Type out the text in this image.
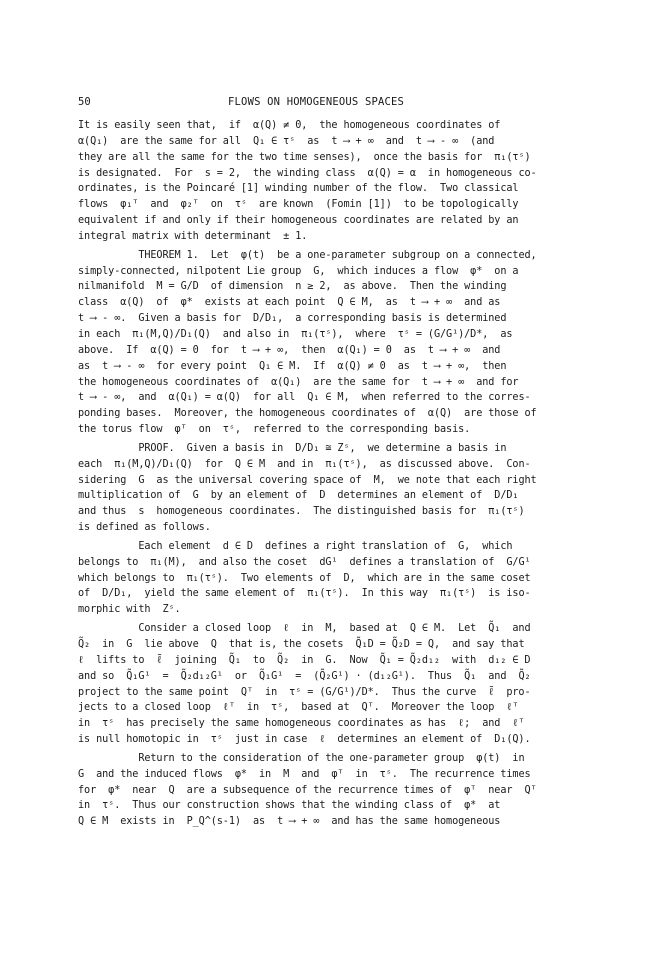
50	FLOWS ON HOMOGENEOUS SPACES
It is easily seen that,  if  α(Q) ≠ 0,  the homogeneous coordinates of
α(Q₁)  are the same for all  Q₁ ∈ τˢ  as  t ⟶ + ∞  and  t ⟶ - ∞  (and
they are all the same for the two time senses),  once the basis for  π₁(τˢ)
is designated.  For  s = 2,  the winding class  α(Q) = α  in homogeneous co-
ordinates, is the Poincaré [1] winding number of the flow.  Two classical
flows  φ₁ᵀ  and  φ₂ᵀ  on  τˢ  are known  (Fomin [1])  to be topologically
equivalent if and only if their homogeneous coordinates are related by an
integral matrix with determinant  ± 1.
THEOREM 1.  Let  φ(t)  be a one-parameter subgroup on a connected,
simply-connected, nilpotent Lie group  G,  which induces a flow  φ*  on a
nilmanifold  M = G/D  of dimension  n ≥ 2,  as above.  Then the winding
class  α(Q)  of  φ*  exists at each point  Q ∈ M,  as  t ⟶ + ∞  and as
t ⟶ - ∞.  Given a basis for  D/D₁,  a corresponding basis is determined
in each  π₁(M,Q)/D₁(Q)  and also in  π₁(τˢ),  where  τˢ = (G/G¹)/D*,  as
above.  If  α(Q) = 0  for  t ⟶ + ∞,  then  α(Q₁) = 0  as  t ⟶ + ∞  and
as  t ⟶ - ∞  for every point  Q₁ ∈ M.  If  α(Q) ≠ 0  as  t ⟶ + ∞,  then
the homogeneous coordinates of  α(Q₁)  are the same for  t ⟶ + ∞  and for
t ⟶ - ∞,  and  α(Q₁) = α(Q)  for all  Q₁ ∈ M,  when referred to the corres-
ponding bases.  Moreover, the homogeneous coordinates of  α(Q)  are those of
the torus flow  φᵀ  on  τˢ,  referred to the corresponding basis.
PROOF.  Given a basis in  D/D₁ ≅ Zˢ,  we determine a basis in
each  π₁(M,Q)/D₁(Q)  for  Q ∈ M  and in  π₁(τˢ),  as discussed above.  Con-
sidering  G  as the universal covering space of  M,  we note that each right
multiplication of  G  by an element of  D  determines an element of  D/D₁
and thus  s  homogeneous coordinates.  The distinguished basis for  π₁(τˢ)
is defined as follows.
Each element  d ∈ D  defines a right translation of  G,  which
belongs to  π₁(M),  and also the coset  dG¹  defines a translation of  G/G¹
which belongs to  π₁(τˢ).  Two elements of  D,  which are in the same coset
of  D/D₁,  yield the same element of  π₁(τˢ).  In this way  π₁(τˢ)  is iso-
morphic with  Zˢ.
Consider a closed loop  ℓ  in  M,  based at  Q ∈ M.  Let  Q̃₁  and
Q̃₂  in  G  lie above  Q  that is, the cosets  Q̃₁D = Q̃₂D = Q,  and say that
ℓ  lifts to  ℓ̃  joining  Q̃₁  to  Q̃₂  in  G.  Now  Q̃₁ = Q̃₂d₁₂  with  d₁₂ ∈ D
and so  Q̃₁G¹  =  Q̃₂d₁₂G¹  or  Q̃₁G¹  =  (Q̃₂G¹) · (d₁₂G¹).  Thus  Q̃₁  and  Q̃₂
project to the same point  Qᵀ  in  τˢ = (G/G¹)/D*.  Thus the curve  ℓ̃  pro-
jects to a closed loop  ℓᵀ  in  τˢ,  based at  Qᵀ.  Moreover the loop  ℓᵀ
in  τˢ  has precisely the same homogeneous coordinates as has  ℓ;  and  ℓᵀ
is null homotopic in  τˢ  just in case  ℓ  determines an element of  D₁(Q).
Return to the consideration of the one-parameter group  φ(t)  in
G  and the induced flows  φ*  in  M  and  φᵀ  in  τˢ.  The recurrence times
for  φ*  near  Q  are a subsequence of the recurrence times of  φᵀ  near  Qᵀ
in  τˢ.  Thus our construction shows that the winding class of  φ*  at
Q ∈ M  exists in  P_Q^(s-1)  as  t ⟶ + ∞  and has the same homogeneous
